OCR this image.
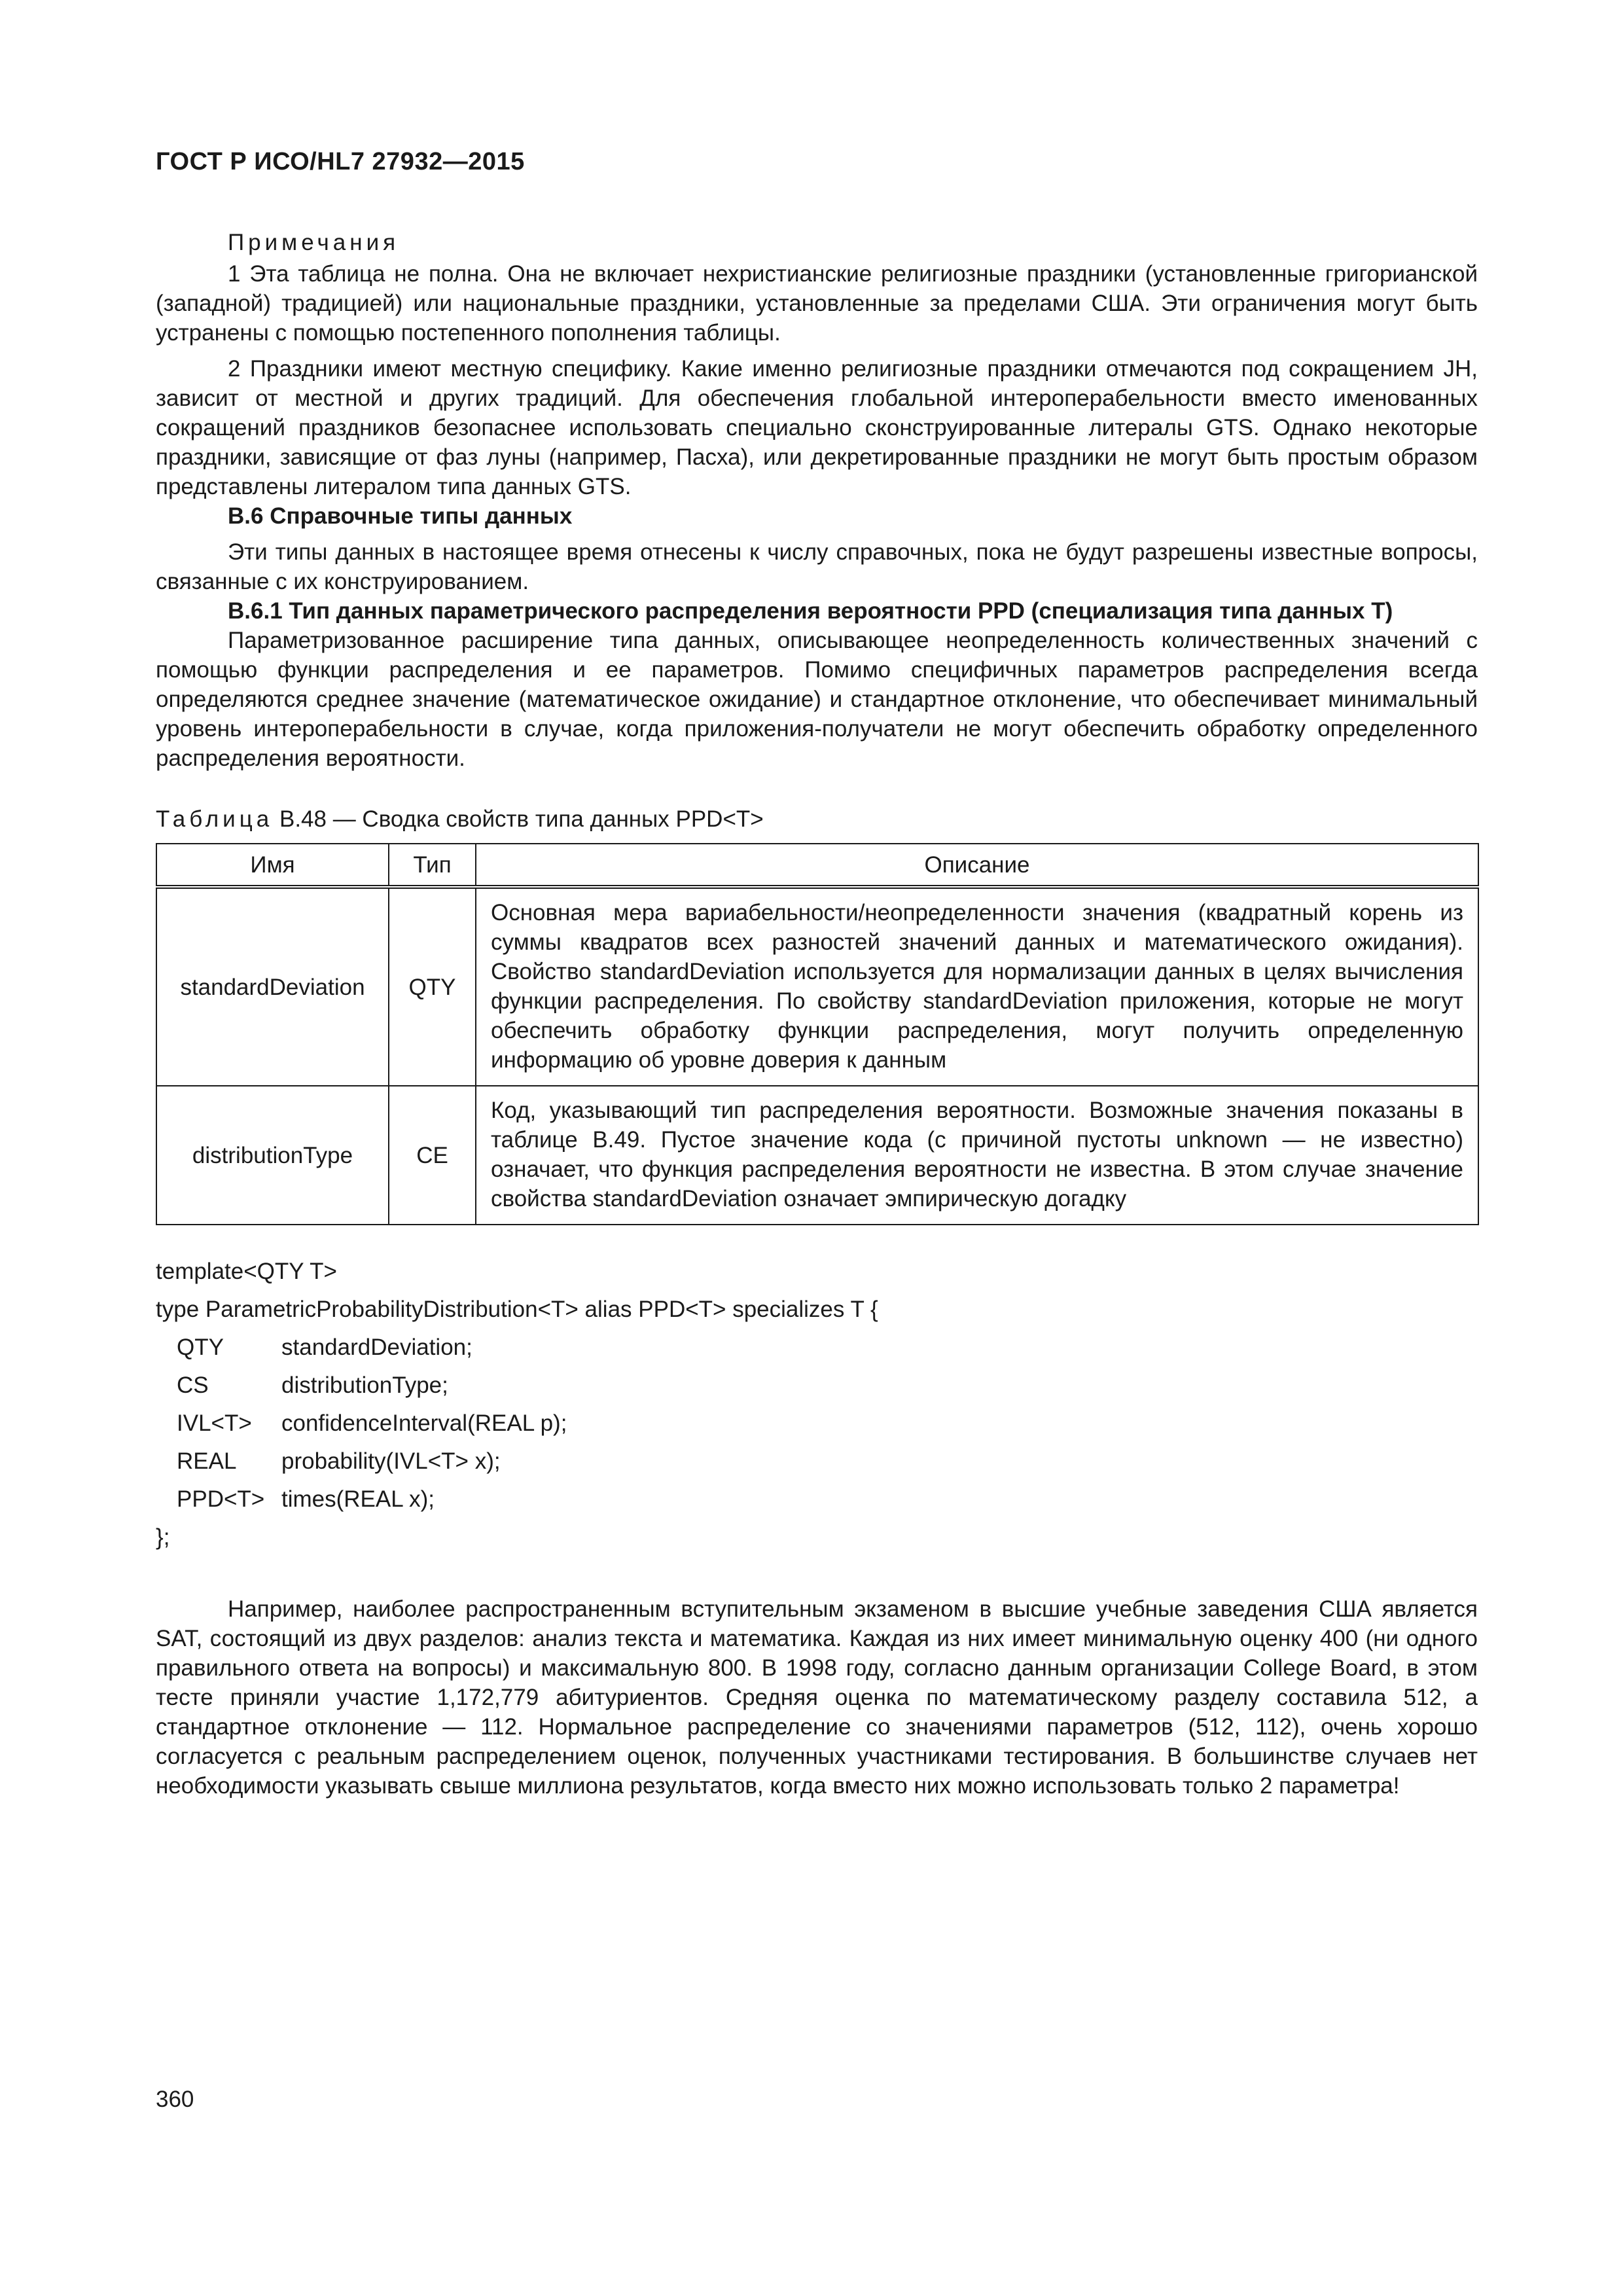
ГОСТ Р ИСО/HL7 27932—2015
Примечания

1 Эта таблица не полна. Она не включает нехристианские религиозные праздники (установленные григорианской (западной) традицией) или национальные праздники, установленные за пределами США. Эти ограничения могут быть устранены с помощью постепенного пополнения таблицы.

2 Праздники имеют местную специфику. Какие именно религиозные праздники отмечаются под сокращением JH, зависит от местной и других традиций. Для обеспечения глобальной интероперабельности вместо именованных сокращений праздников безопаснее использовать специально сконструированные литералы GTS. Однако некоторые праздники, зависящие от фаз луны (например, Пасха), или декретированные праздники не могут быть простым образом представлены литералом типа данных GTS.

B.6 Справочные типы данных

Эти типы данных в настоящее время отнесены к числу справочных, пока не будут разрешены известные вопросы, связанные с их конструированием.

B.6.1 Тип данных параметрического распределения вероятности PPD (специализация типа данных T)

Параметризованное расширение типа данных, описывающее неопределенность количественных значений с помощью функции распределения и ее параметров. Помимо специфичных параметров распределения всегда определяются среднее значение (математическое ожидание) и стандартное отклонение, что обеспечивает минимальный уровень интероперабельности в случае, когда приложения-получатели не могут обеспечить обработку определенного распределения вероятности.

Таблица B.48 — Сводка свойств типа данных PPD<T>
Имя	Тип	Описание
standardDeviation	QTY	Основная мера вариабельности/неопределенности значения (квадратный корень из суммы квадратов всех разностей значений данных и математического ожидания). Свойство standardDeviation используется для нормализации данных в целях вычисления функции распределения. По свойству standardDeviation приложения, которые не могут обеспечить обработку функции распределения, могут получить определенную информацию об уровне доверия к данным
distributionType	CE	Код, указывающий тип распределения вероятности. Возможные значения показаны в таблице B.49. Пустое значение кода (с причиной пустоты unknown — не известно) означает, что функция распределения вероятности не известна. В этом случае значение свойства standardDeviation означает эмпирическую догадку
template<QTY T>
type ParametricProbabilityDistribution<T> alias PPD<T> specializes T {
QTY	standardDeviation;
CS	distributionType;
IVL<T> confidenceInterval(REAL p);
REAL probability(IVL<T> x);
PPD<T> times(REAL x);
};

Например, наиболее распространенным вступительным экзаменом в высшие учебные заведения США является SAT, состоящий из двух разделов: анализ текста и математика. Каждая из них имеет минимальную оценку 400 (ни одного правильного ответа на вопросы) и максимальную 800. В 1998 году, согласно данным организации College Board, в этом тесте приняли участие 1,172,779 абитуриентов. Средняя оценка по математическому разделу составила 512, а стандартное отклонение — 112. Нормальное распределение со значениями параметров (512, 112), очень хорошо согласуется с реальным распределением оценок, полученных участниками тестирования. В большинстве случаев нет необходимости указывать свыше миллиона результатов, когда вместо них можно использовать только 2 параметра!

360
